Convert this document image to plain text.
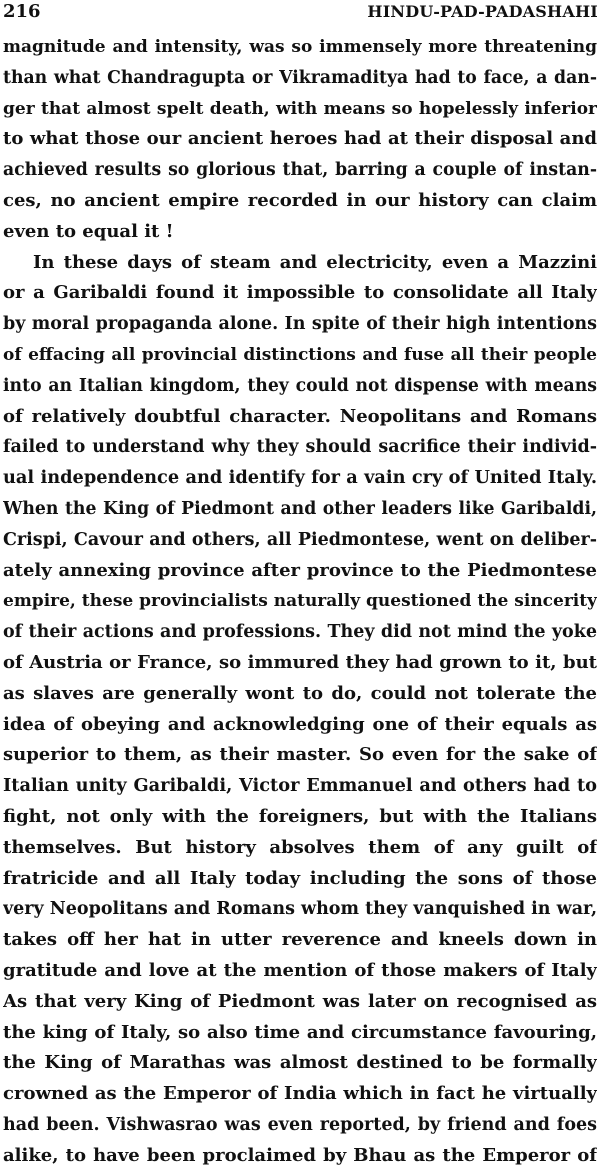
216	HINDU-PAD-PADASHAHI
magnitude and intensity, was so immensely more threatening
than what Chandragupta or Vikramaditya had to face, a dan-
ger that almost spelt death, with means so hopelessly inferior
to what those our ancient heroes had at their disposal and
achieved results so glorious that, barring a couple of instan-
ces, no ancient empire recorded in our history can claim
even to equal it !
In these days of steam and electricity, even a Mazzini
or a Garibaldi found it impossible to consolidate all Italy
by moral propaganda alone. In spite of their high intentions
of effacing all provincial distinctions and fuse all their people
into an Italian kingdom, they could not dispense with means
of relatively doubtful character. Neopolitans and Romans
failed to understand why they should sacrifice their individ-
ual independence and identify for a vain cry of United Italy.
When the King of Piedmont and other leaders like Garibaldi,
Crispi, Cavour and others, all Piedmontese, went on deliber-
ately annexing province after province to the Piedmontese
empire, these provincialists naturally questioned the sincerity
of their actions and professions. They did not mind the yoke
of Austria or France, so immured they had grown to it, but
as slaves are generally wont to do, could not tolerate the
idea of obeying and acknowledging one of their equals as
superior to them, as their master. So even for the sake of
Italian unity Garibaldi, Victor Emmanuel and others had to
fight, not only with the foreigners, but with the Italians
themselves. But history absolves them of any guilt of
fratricide and all Italy today including the sons of those
very Neopolitans and Romans whom they vanquished in war,
takes off her hat in utter reverence and kneels down in
gratitude and love at the mention of those makers of Italy
As that very King of Piedmont was later on recognised as
the king of Italy, so also time and circumstance favouring,
the King of Marathas was almost destined to be formally
crowned as the Emperor of India which in fact he virtually
had been. Vishwasrao was even reported, by friend and foes
alike, to have been proclaimed by Bhau as the Emperor of
